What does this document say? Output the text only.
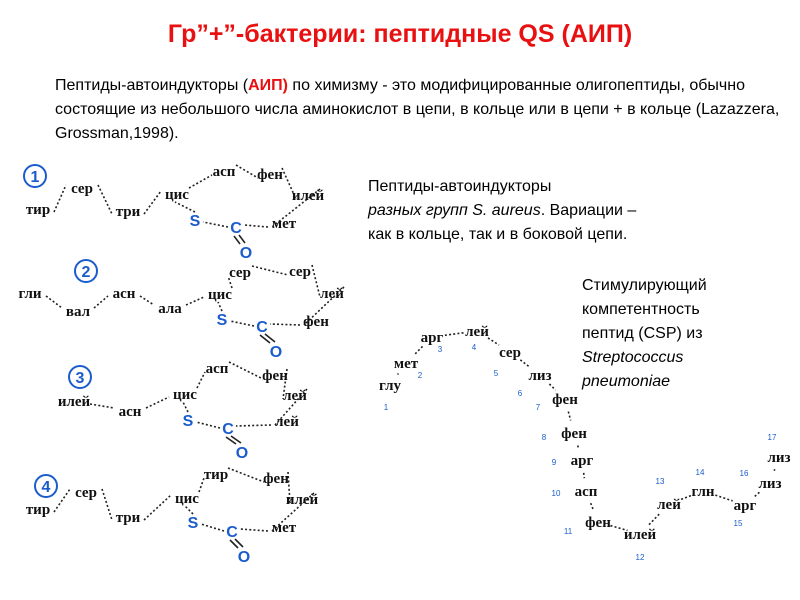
Гр”+”-бактерии: пептидные QS (АИП)
Пептиды-автоиндукторы (АИП) по химизму - это модифицированные олигопептиды, обычно состоящие из небольшого числа аминокислот в цепи, в кольце или в цепи + в кольце (Lazazzera, Grossman,1998).
Пептиды-автоиндукторы
разных групп S. aureus. Вариации –
как в кольце, так и в боковой цепи.
Стимулирующий
компетентность
пептид (CSP) из
Streptococcus
pneumoniae
1
тир
сер
три
цис
асп фен
илей
мет
S C
O
2
гли
вал
асн
ала
цис
сер	сер
лей
фен
S C
O
3
илей
асн
цис
асп фен
лей
лей
S C
O
4
тир
сер
три
цис
тир фен
илей
мет
S
C
O
глу
1
мет
2
арг
3
лей
4 сер
5 лиз
6 фен
7
фен
8
арг
9
асп
10
фен
11	илей
12
лей
13
глн
14
арг
15
лиз
16
лиз
17
